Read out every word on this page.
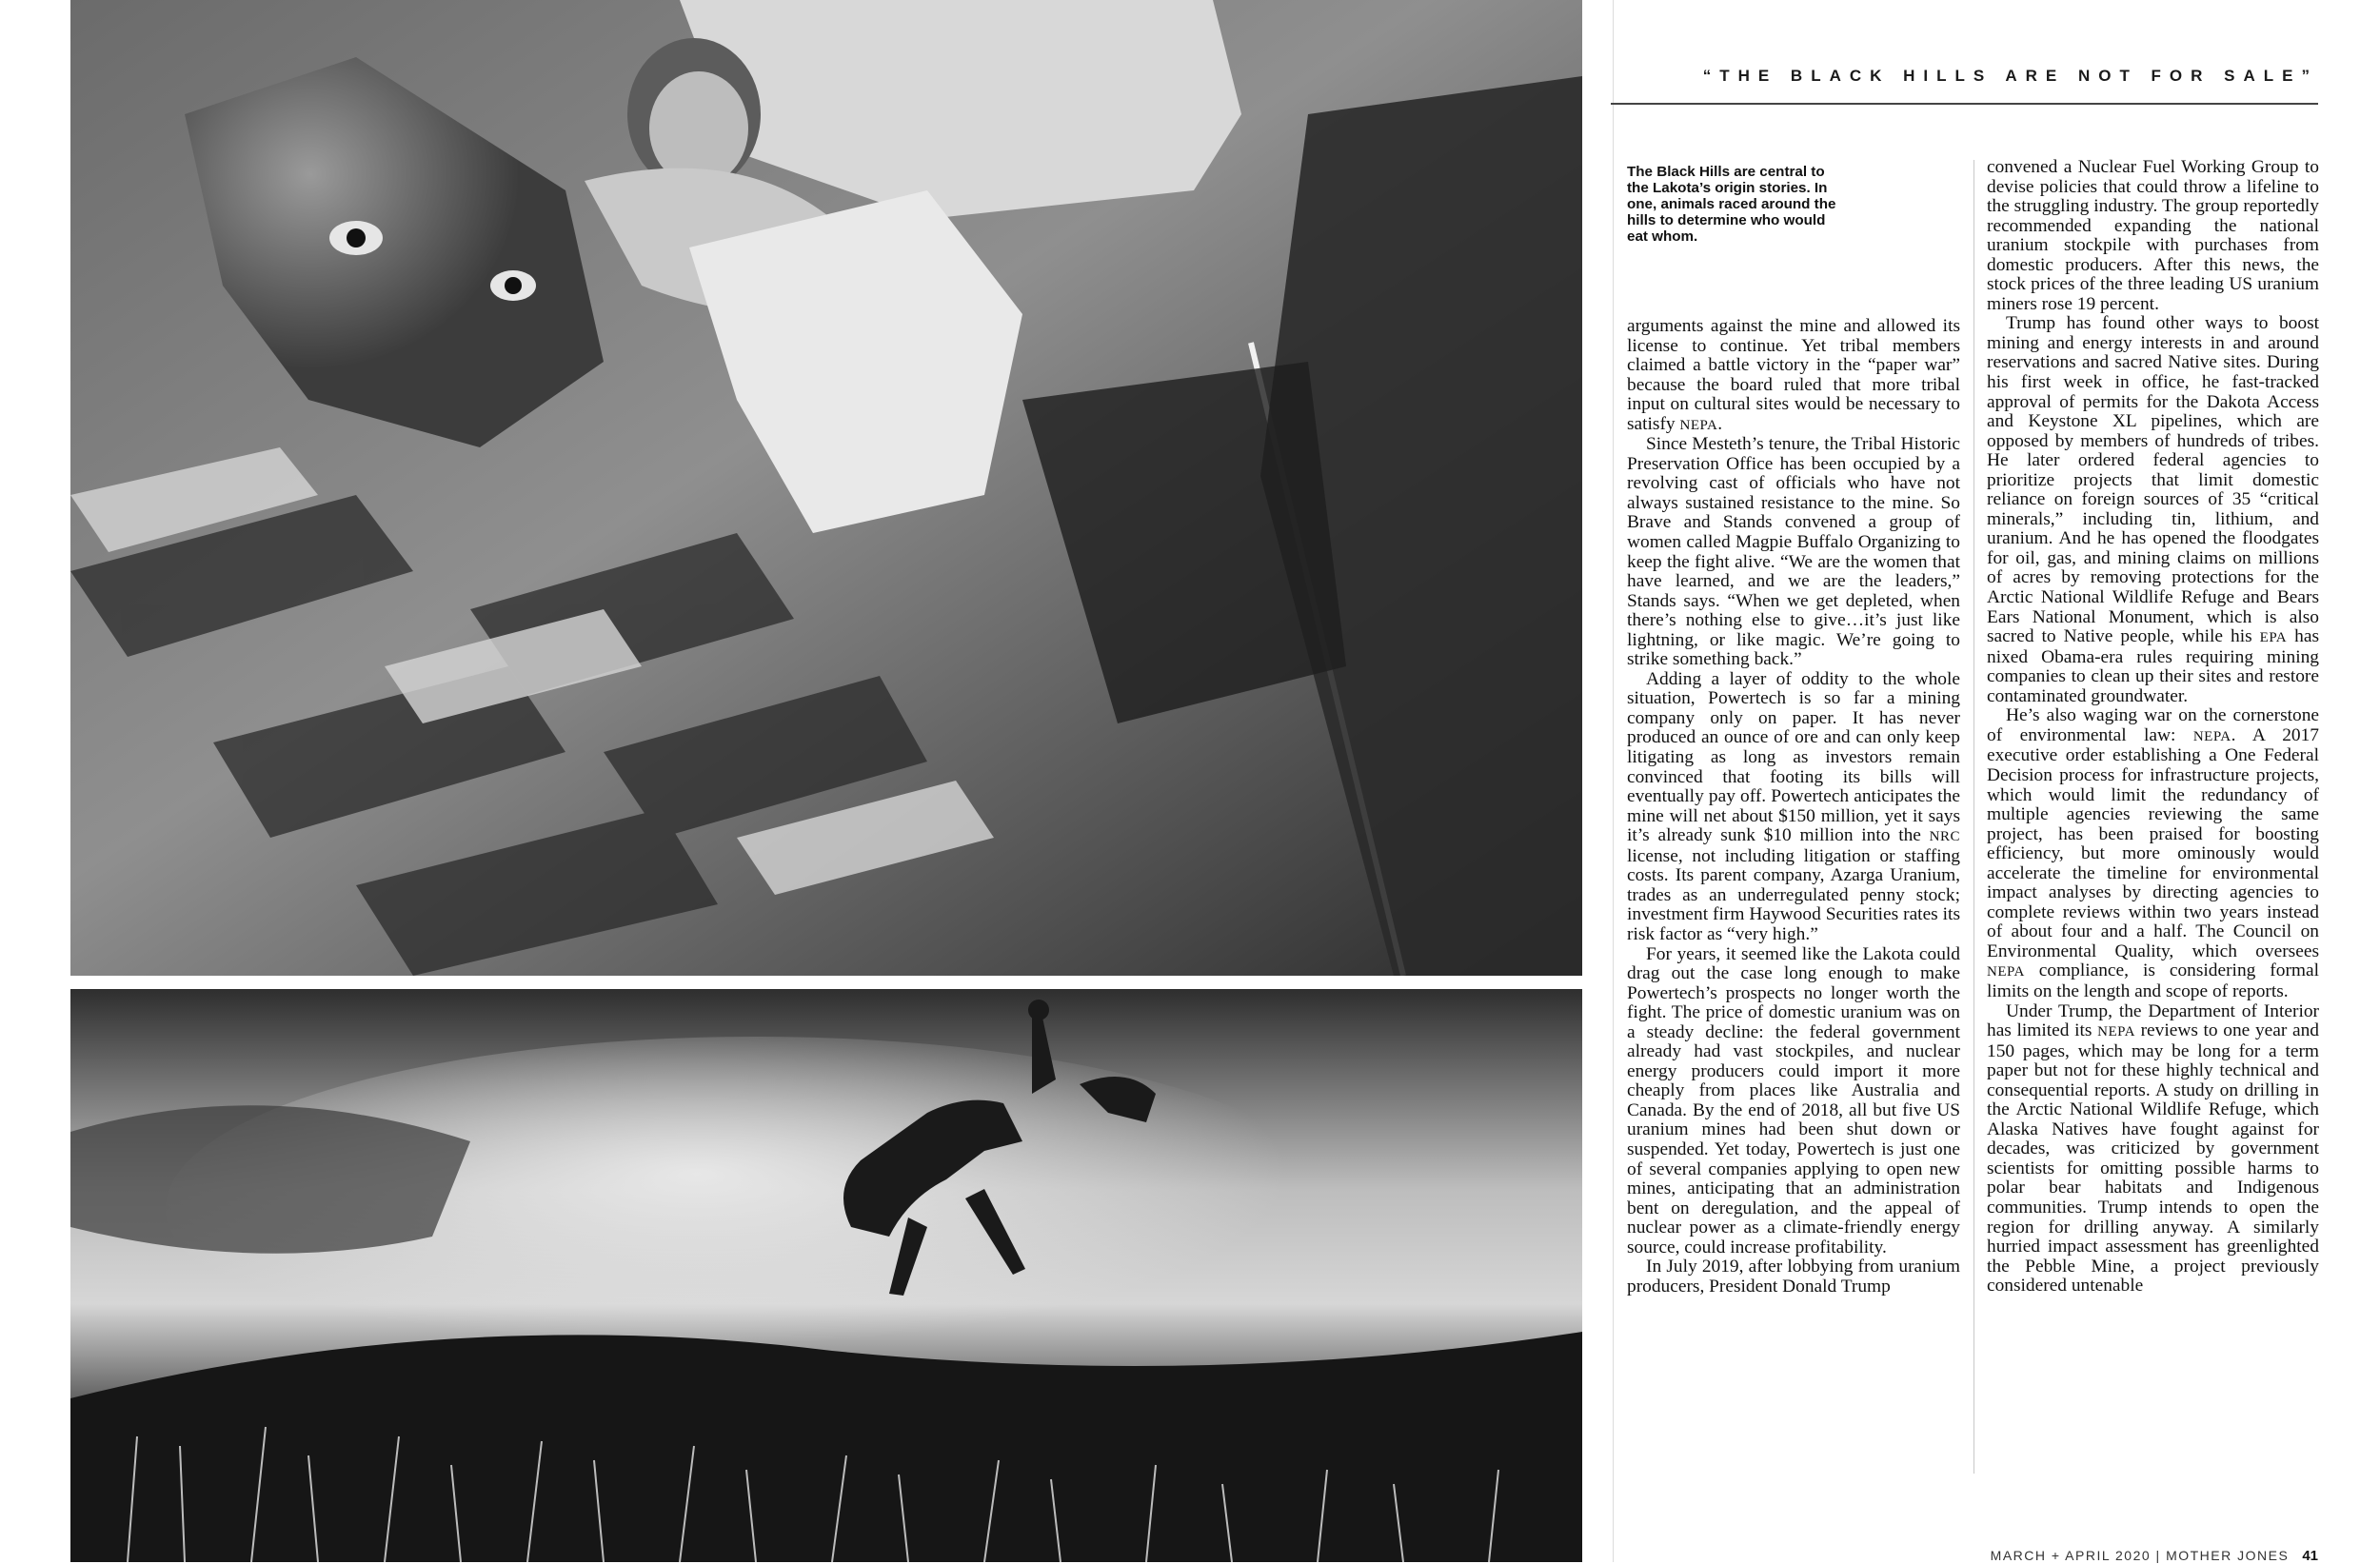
“THE BLACK HILLS ARE NOT FOR SALE”
The Black Hills are central to the Lakota’s origin stories. In one, animals raced around the hills to determine who would eat whom.

arguments against the mine and allowed its license to continue. Yet tribal members claimed a battle victory in the “paper war” because the board ruled that more tribal input on cultural sites would be necessary to satisfy NEPA.

Since Mesteth’s tenure, the Tribal Historic Preservation Office has been occupied by a revolving cast of officials who have not always sustained resistance to the mine. So Brave and Stands convened a group of women called Magpie Buffalo Organizing to keep the fight alive. “We are the women that have learned, and we are the leaders,” Stands says. “When we get depleted, when there’s nothing else to give…it’s just like lightning, or like magic. We’re going to strike something back.”

Adding a layer of oddity to the whole situation, Powertech is so far a mining company only on paper. It has never produced an ounce of ore and can only keep litigating as long as investors remain convinced that footing its bills will eventually pay off. Powertech anticipates the mine will net about $150 million, yet it says it’s already sunk $10 million into the NRC license, not including litigation or staffing costs. Its parent company, Azarga Uranium, trades as an underregulated penny stock; investment firm Haywood Securities rates its risk factor as “very high.”

For years, it seemed like the Lakota could drag out the case long enough to make Powertech’s prospects no longer worth the fight. The price of domestic uranium was on a steady decline: the federal government already had vast stockpiles, and nuclear energy producers could import it more cheaply from places like Australia and Canada. By the end of 2018, all but five US uranium mines had been shut down or suspended. Yet today, Powertech is just one of several companies applying to open new mines, anticipating that an administration bent on deregulation, and the appeal of nuclear power as a climate-friendly energy source, could increase profitability.

In July 2019, after lobbying from uranium producers, President Donald Trump

convened a Nuclear Fuel Working Group to devise policies that could throw a lifeline to the struggling industry. The group reportedly recommended expanding the national uranium stockpile with purchases from domestic producers. After this news, the stock prices of the three leading US uranium miners rose 19 percent.

Trump has found other ways to boost mining and energy interests in and around reservations and sacred Native sites. During his first week in office, he fast-tracked approval of permits for the Dakota Access and Keystone XL pipelines, which are opposed by members of hundreds of tribes. He later ordered federal agencies to prioritize projects that limit domestic reliance on foreign sources of 35 “critical minerals,” including tin, lithium, and uranium. And he has opened the floodgates for oil, gas, and mining claims on millions of acres by removing protections for the Arctic National Wildlife Refuge and Bears Ears National Monument, which is also sacred to Native people, while his EPA has nixed Obama-era rules requiring mining companies to clean up their sites and restore contaminated groundwater.

He’s also waging war on the cornerstone of environmental law: NEPA. A 2017 executive order establishing a One Federal Decision process for infrastructure projects, which would limit the redundancy of multiple agencies reviewing the same project, has been praised for boosting efficiency, but more ominously would accelerate the timeline for environmental impact analyses by directing agencies to complete reviews within two years instead of about four and a half. The Council on Environmental Quality, which oversees NEPA compliance, is considering formal limits on the length and scope of reports.

Under Trump, the Department of Interior has limited its NEPA reviews to one year and 150 pages, which may be long for a term paper but not for these highly technical and consequential reports. A study on drilling in the Arctic National Wildlife Refuge, which Alaska Natives have fought against for decades, was criticized by government scientists for omitting possible harms to polar bear habitats and Indigenous communities. Trump intends to open the region for drilling anyway. A similarly hurried impact assessment has greenlighted the Pebble Mine, a project previously considered untenable

MARCH + APRIL 2020 | MOTHER JONES 41
